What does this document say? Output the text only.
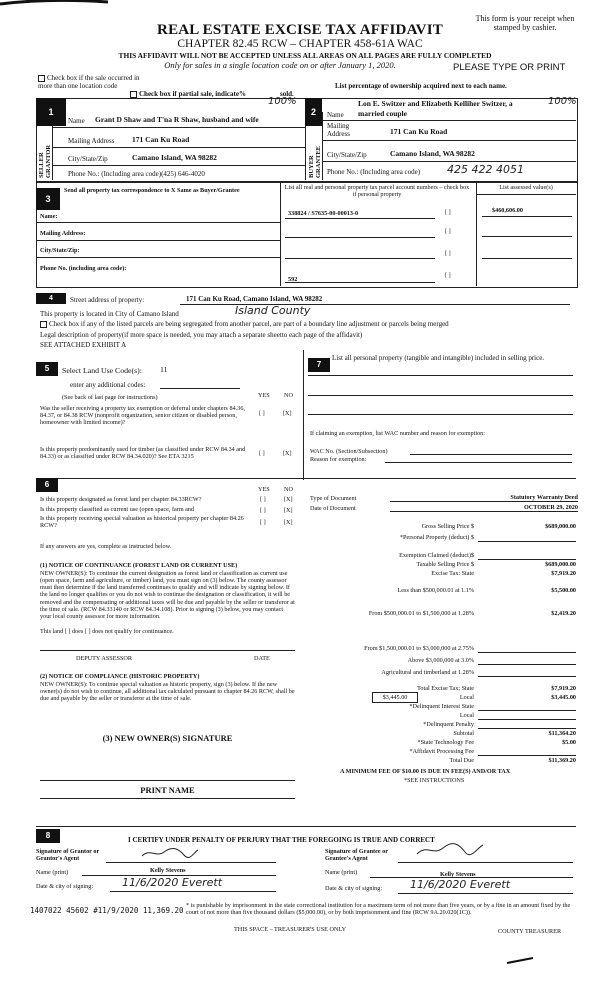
REAL ESTATE EXCISE TAX AFFIDAVIT
CHAPTER 82.45 RCW – CHAPTER 458-61A WAC
THIS AFFIDAVIT WILL NOT BE ACCEPTED UNLESS ALL AREAS ON ALL PAGES ARE FULLY COMPLETED
Only for sales in a single location code on or after January 1, 2020.
This form is your receipt when stamped by cashier.
PLEASE TYPE OR PRINT
Check box if the sale occurred in more than one location code
Check box if partial sale, indicate%	sold.
List percentage of ownership acquired next to each name.
100%	100%
1	2
SELLER GRANTOR	BUYER GRANTEE
Name Grant D Shaw and T'na R Shaw, husband and wife
Mailing Address 171 Can Ku Road
City/State/Zip	Camano Island, WA 98282
Phone No.: (Including area code)(425) 646-4020
Lon E. Switzer and Elizabeth Kelliher Switzer, a
Name married couple
Mailing
Address	171 Can Ku Road
City/State/Zip	Camano Island, WA 98282
Phone No.: (Including area code) 425 422 4051
3
Send all property tax correspondence to X Same as Buyer/Grantee
Name:
Mailing Address:
City/State/Zip:
Phone No. (including area code):
List all real and personal property tax parcel account numbers – check box if personal property
List assessed value(s)
338824 / S7635-00-00013-0	$460,606.00
[ ]
[ ]
[ ]
[ ]
592
4	Street address of property:	171 Can Ku Road, Camano Island, WA 98282
This property is located in City of Camano Island	Island County
Check box if any of the listed parcels are being segregated from another parcel, are part of a boundary line adjustment or parcels being merged
Legal description of property(if more space is needed, you may attach a separate sheetto each page of the affidavit)
SEE ATTACHED EXHIBIT A
5	Select Land Use Code(s): 11
enter any additional codes:
(See back of last page for instructions)	YES NO
Was the seller receiving a property tax exemption or deferral under chapters 84.36, 84.37, or 84.38 RCW (nonprofit organization, senior citizen or disabled person, homeowner with limited income)?
[ ]	[X]
Is this property predominantly used for timber (as classified under RCW 84.34 and 84.33) or as classified under RCW 84.34.020)? See ETA 3215	[ ]	[X]
7
List all personal property (tangible and intangible) included in selling price.
If claiming an exemption, list WAC number and reason for exemption:
WAC No. (Section/Subsection)
Reason for exemption:
6
YES NO
Is this property designated as forest land per chapter 84.33RCW?	[ ]	[X]
Is this property classified as current use (open space, farm and	[ ]	[X]
Is this property receiving special valuation as historical property per chapter 84.26 RCW?	[ ]	[X]
If any answers are yes, complete as instructed below.
(1) NOTICE OF CONTINUANCE (FOREST LAND OR CURRENT USE)
NEW OWNER(S): To continue the current designation as forest land or classification as current use (open space, farm and agriculture, or timber) land, you must sign on (3) below. The county assessor must then determine if the land transferred continues to qualify and will indicate by signing below. If the land no longer qualifies or you do not wish to continue the designation or classification, it will be removed and the compensating or additional taxes will be due and payable by the seller or transferor at the time of sale. (RCW 84.33140 or RCW 84.34.108). Prior to signing (3) below, you may contact your local county assessor for more information.
This land [ ] does [ ] does not qualify for continuance.
DEPUTY ASSESSOR	DATE
(2) NOTICE OF COMPLIANCE (HISTORIC PROPERTY)
NEW OWNER(S): To continue special valuation as historic property, sign (3) below. If the new owner(s) do not wish to continue, all additional tax calculated pursuant to chapter 84.26 RCW, shall be due and payable by the seller or transferor at the time of sale.
(3) NEW OWNER(S) SIGNATURE
PRINT NAME
Type of Document	Statutory Warranty Deed
Date of Document	OCTOBER 29, 2020
Gross Selling Price $	$689,000.00
*Personal Property (deduct) $
Exemption Claimed (deduct)$
Taxable Selling Price $	$689,000.00
Excise Tax: State	$7,919.20
Less than $500,000.01 at 1.1%	$5,500.00
From $500,000.01 to $1,500,000 at 1.28%	$2,419.20
From $1,500,000.01 to $3,000,000 at 2.75%
Above $3,000,000 at 3.0%
Agricultural and timberland at 1.28%
Total Excise Tax; State	$7,919.20
$3,445.00	Local	$3,445.00
*Delinquent Interest State
Local
*Delinquent Penalty
Subtotal	$11,364.20
*State Technology Fee	$5.00
*Affidavit Processing Fee
Total Due	$11,369.20
A MINIMUM FEE OF $10.00 IS DUE IN FEE(S) AND/OR TAX
*SEE INSTRUCTIONS
8	I CERTIFY UNDER PENALTY OF PERJURY THAT THE FOREGOING IS TRUE AND CORRECT
Signature of Grantor or Grantor's Agent
Signature of Grantee or Grantee's Agent
Name (print)	Kelly Stevens	Name (print)	Kelly Stevens
Date & city of signing:	11/6/2020 Everett	Date & city of signing:	11/6/2020 Everett
* is punishable by imprisonment in the state correctional institution for a maximum term of not more than five years, or by a fine in an amount fixed by the court of not more than five thousand dollars ($5,000.00), or by both imprisonment and fine (RCW 9A.20.020(1C)).
1407022 45602 #11/9/2020 11,369.20
THIS SPACE – TREASURER'S USE ONLY	COUNTY TREASURER
